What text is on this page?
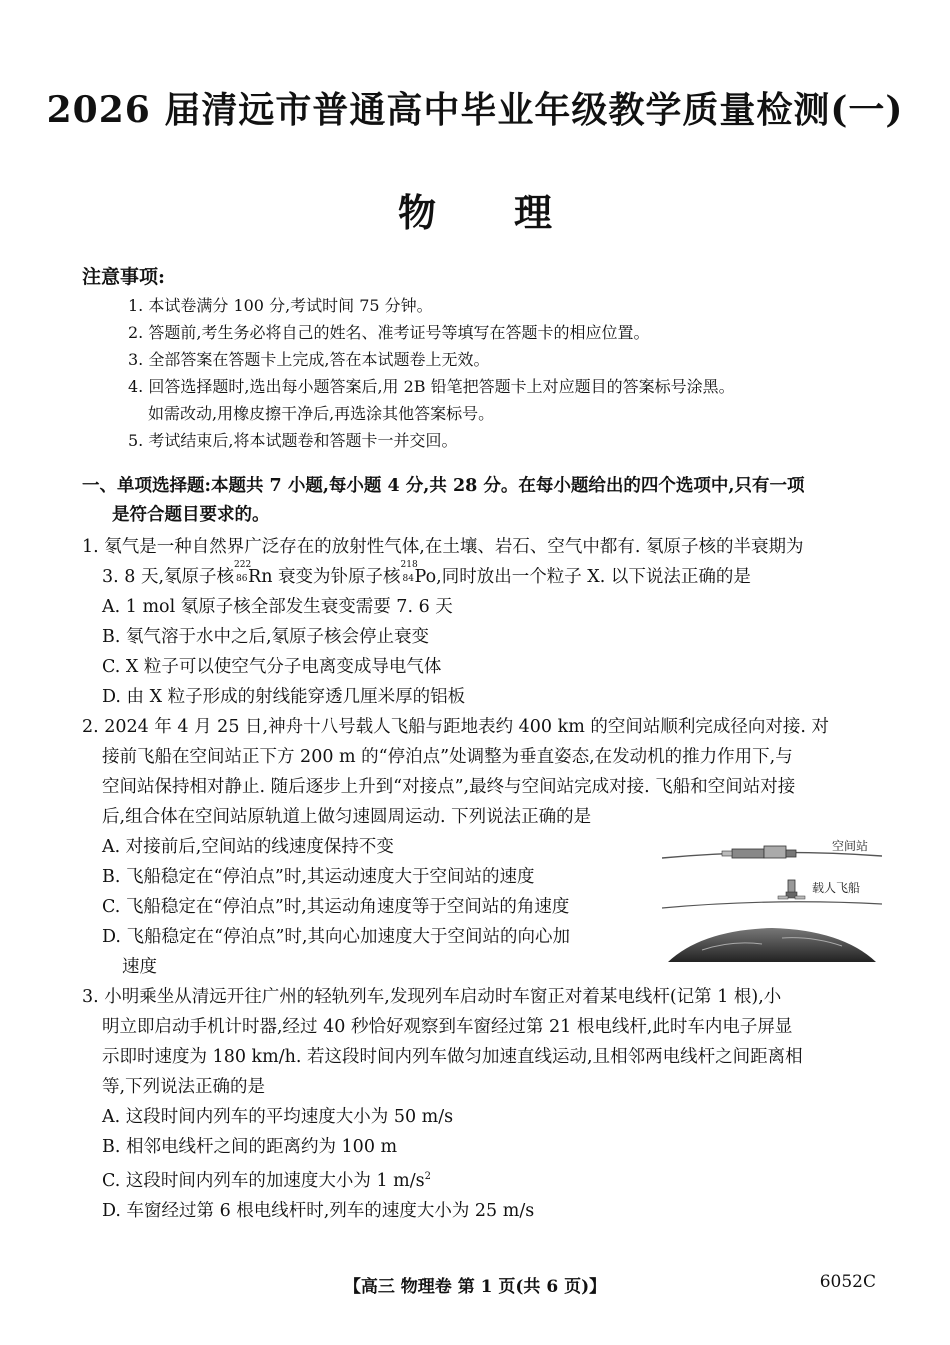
2026 届清远市普通高中毕业年级教学质量检测(一)
物理
注意事项:
1. 本试卷满分 100 分,考试时间 75 分钟。
2. 答题前,考生务必将自己的姓名、准考证号等填写在答题卡的相应位置。
3. 全部答案在答题卡上完成,答在本试题卷上无效。
4. 回答选择题时,选出每小题答案后,用 2B 铅笔把答题卡上对应题目的答案标号涂黑。
如需改动,用橡皮擦干净后,再选涂其他答案标号。
5. 考试结束后,将本试题卷和答题卡一并交回。
一、单项选择题:本题共 7 小题,每小题 4 分,共 28 分。在每小题给出的四个选项中,只有一项
是符合题目要求的。
1. 氡气是一种自然界广泛存在的放射性气体,在土壤、岩石、空气中都有. 氡原子核的半衰期为
3. 8 天,氡原子核
222
86 Rn 衰变为钋原子核
218
84 Po,同时放出一个粒子 X. 以下说法正确的是
A. 1 mol 氡原子核全部发生衰变需要 7. 6 天
B. 氡气溶于水中之后,氡原子核会停止衰变
C. X 粒子可以使空气分子电离变成导电气体
D. 由 X 粒子形成的射线能穿透几厘米厚的铝板
2. 2024 年 4 月 25 日,神舟十八号载人飞船与距地表约 400 km 的空间站顺利完成径向对接. 对
接前飞船在空间站正下方 200 m 的“停泊点”处调整为垂直姿态,在发动机的推力作用下,与
空间站保持相对静止. 随后逐步上升到“对接点”,最终与空间站完成对接. 飞船和空间站对接
后,组合体在空间站原轨道上做匀速圆周运动. 下列说法正确的是
A. 对接前后,空间站的线速度保持不变
B. 飞船稳定在“停泊点”时,其运动速度大于空间站的速度
C. 飞船稳定在“停泊点”时,其运动角速度等于空间站的角速度
D. 飞船稳定在“停泊点”时,其向心加速度大于空间站的向心加
速度
空间站
载人飞船
3. 小明乘坐从清远开往广州的轻轨列车,发现列车启动时车窗正对着某电线杆(记第 1 根),小
明立即启动手机计时器,经过 40 秒恰好观察到车窗经过第 21 根电线杆,此时车内电子屏显
示即时速度为 180 km/h. 若这段时间内列车做匀加速直线运动,且相邻两电线杆之间距离相
等,下列说法正确的是
A. 这段时间内列车的平均速度大小为 50 m/s
B. 相邻电线杆之间的距离约为 100 m
C. 这段时间内列车的加速度大小为 1 $m/s^2$
D. 车窗经过第 6 根电线杆时,列车的速度大小为 25 m/s
【高三 物理卷 第 1 页(共 6 页)】	6052C
